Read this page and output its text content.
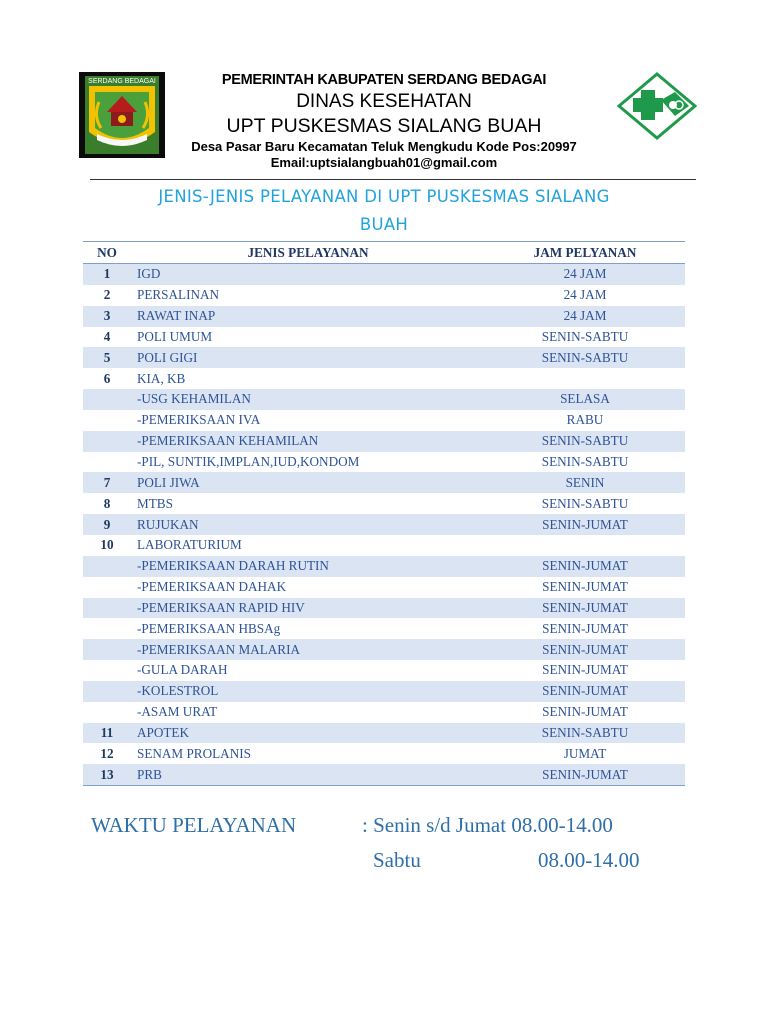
SERDANG BEDAGAI	PEMERINTAH KABUPATEN SERDANG BEDAGAI
DINAS KESEHATAN
UPT PUSKESMAS SIALANG BUAH
Desa Pasar Baru Kecamatan Teluk Mengkudu Kode Pos:20997
Email:uptsialangbuah01@gmail.com
JENIS-JENIS PELAYANAN DI UPT PUSKESMAS SIALANG
BUAH
NO	JENIS PELAYANAN	JAM PELYANAN
1	IGD	24 JAM
2	PERSALINAN	24 JAM
3	RAWAT INAP	24 JAM
4	POLI UMUM	SENIN-SABTU
5	POLI GIGI	SENIN-SABTU
6	KIA, KB	
	-USG KEHAMILAN	SELASA
	-PEMERIKSAAN IVA	RABU
	-PEMERIKSAAN KEHAMILAN	SENIN-SABTU
	-PIL, SUNTIK,IMPLAN,IUD,KONDOM	SENIN-SABTU
7	POLI JIWA	SENIN
8	MTBS	SENIN-SABTU
9	RUJUKAN	SENIN-JUMAT
10	LABORATURIUM	
	-PEMERIKSAAN DARAH RUTIN	SENIN-JUMAT
	-PEMERIKSAAN DAHAK	SENIN-JUMAT
	-PEMERIKSAAN RAPID HIV	SENIN-JUMAT
	-PEMERIKSAAN HBSAg	SENIN-JUMAT
	-PEMERIKSAAN MALARIA	SENIN-JUMAT
	-GULA DARAH	SENIN-JUMAT
	-KOLESTROL	SENIN-JUMAT
	-ASAM URAT	SENIN-JUMAT
11	APOTEK	SENIN-SABTU
12	SENAM PROLANIS	JUMAT
13	PRB	SENIN-JUMAT
WAKTU PELAYANAN	: Senin s/d Jumat 08.00-14.00
Sabtu	08.00-14.00
